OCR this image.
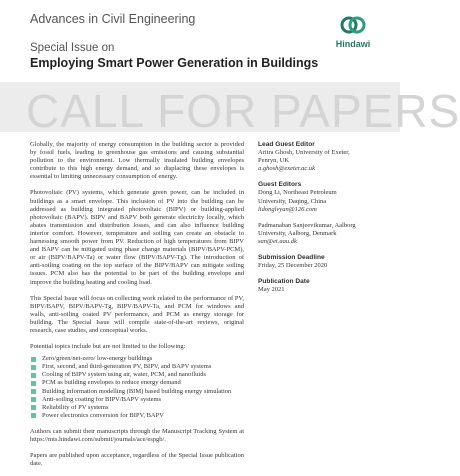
Advances in Civil Engineering
Hindawi
Special Issue on
Employing Smart Power Generation in Buildings
CALL FOR PAPERS

Globally, the majority of energy consumption in the building sector is provided by fossil fuels, leading to greenhouse gas emissions and causing substantial pollution to the environment. Low thermally insulated building envelopes contribute to this high energy demand, and so displacing these envelopes is essential to limiting unnecessary consumption of energy.

Photovoltaic (PV) systems, which generate green power, can be included in buildings as a smart envelope. This inclusion of PV into the building can be addressed as building integrated photovoltaic (BIPV) or building-applied photovoltaic (BAPV). BIPV and BAPV both generate electricity locally, which abates transmission and distribution losses, and can also influence building interior comfort. However, temperature and soiling can create an obstacle to harnessing smooth power from PV. Reduction of high temperatures from BIPV and BAPV can be mitigated using phase change materials (BIPV/BAPV-PCM), or air (BIPV/BAPV-Ta) or water flow (BIPV/BAPV-Tg). The introduction of anti-soiling coating on the top surface of the BIPV/BAPV can mitigate soiling issues. PCM also has the potential to be part of the building envelope and improve the building heating and cooling load.

This Special Issue will focus on collecting work related to the performance of PV, BIPV/BAPV, BIPV/BAPV-Tg, BIPV/BAPV-Ta, and PCM for windows and walls, anti-soiling coated PV performance, and PCM as energy storage for building. The Special Issue will compile state-of-the-art reviews, original research, case studies, and conceptual works.

Potential topics include but are not limited to the following:

Zero/green/net-zero/ low-energy buildings
First, second, and third-generation PV, BIPV, and BAPV systems
Cooling of BIPV system using air, water, PCM, and nanofluids
PCM as building envelopes to reduce energy demand
Building information modelling (BIM) based building energy simulation
Anti-soiling coating for BIPV/BAPV systems
Reliability of PV systems
Power electronics conversion for BIPV, BAPV

Authors can submit their manuscripts through the Manuscript Tracking System at https://mts.hindawi.com/submit/journals/ace/espgb/.

Papers are published upon acceptance, regardless of the Special Issue publication date.

Lead Guest Editor
Aritra Ghosh, University of Exeter,
Penryn, UK
a.ghosh@exeter.ac.uk
Guest Editors
Dong Li, Northeast Petroleum
University, Daqing, China
lidonglvyan@126.com
Padmanaban Sanjeevikumar, Aalborg
University, Aalborg, Denmark
san@et.aau.dk
Submission Deadline
Friday, 25 December 2020
Publication Date
May 2021
